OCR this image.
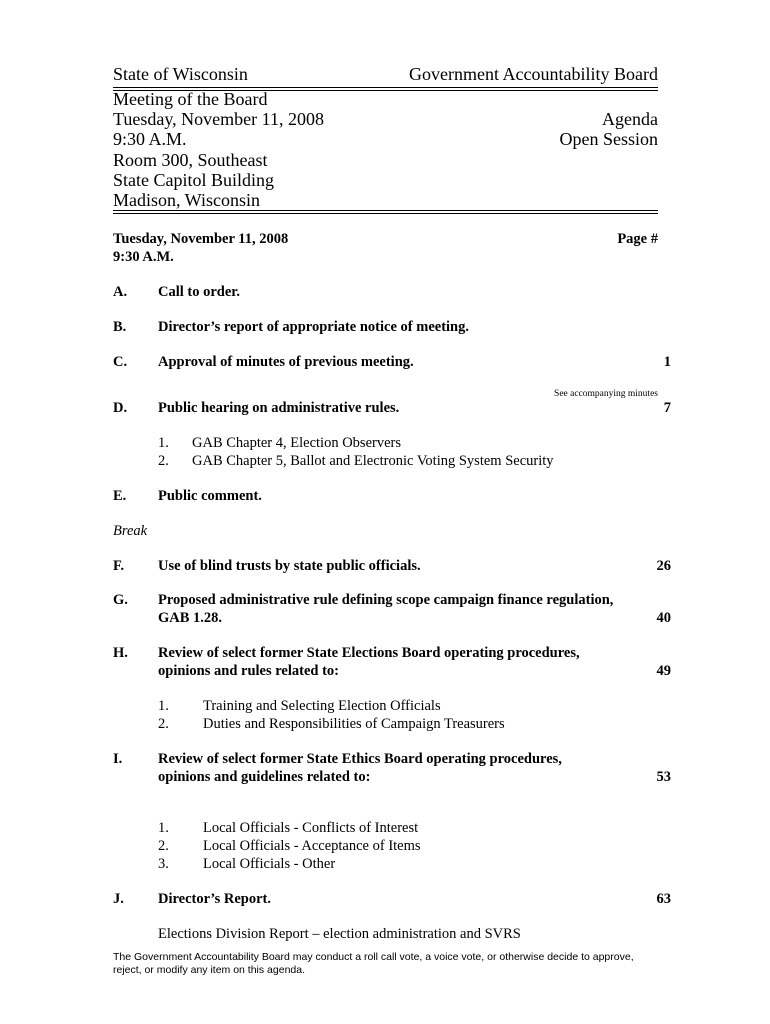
State of Wisconsin	Government Accountability Board
Meeting of the Board
Tuesday, November 11, 2008
9:30 A.M.
Room 300, Southeast
State Capitol Building
Madison, Wisconsin
Agenda
Open Session
Tuesday, November 11, 2008
9:30 A.M.
Page #
A. Call to order.
B. Director’s report of appropriate notice of meeting.
C. Approval of minutes of previous meeting.	1
See accompanying minutes
D. Public hearing on administrative rules.	7
1. GAB Chapter 4, Election Observers
2. GAB Chapter 5, Ballot and Electronic Voting System Security
E. Public comment.
Break
F. Use of blind trusts by state public officials.	26
G. Proposed administrative rule defining scope campaign finance regulation,
GAB 1.28.	40
H. Review of select former State Elections Board operating procedures,
opinions and rules related to:	49
1. Training and Selecting Election Officials
2. Duties and Responsibilities of Campaign Treasurers
I. Review of select former State Ethics Board operating procedures,
opinions and guidelines related to:	53
1. Local Officials - Conflicts of Interest
2. Local Officials - Acceptance of Items
3. Local Officials - Other
J. Director’s Report.	63
Elections Division Report – election administration and SVRS
The Government Accountability Board may conduct a roll call vote, a voice vote, or otherwise decide to approve, reject, or modify any item on this agenda.
